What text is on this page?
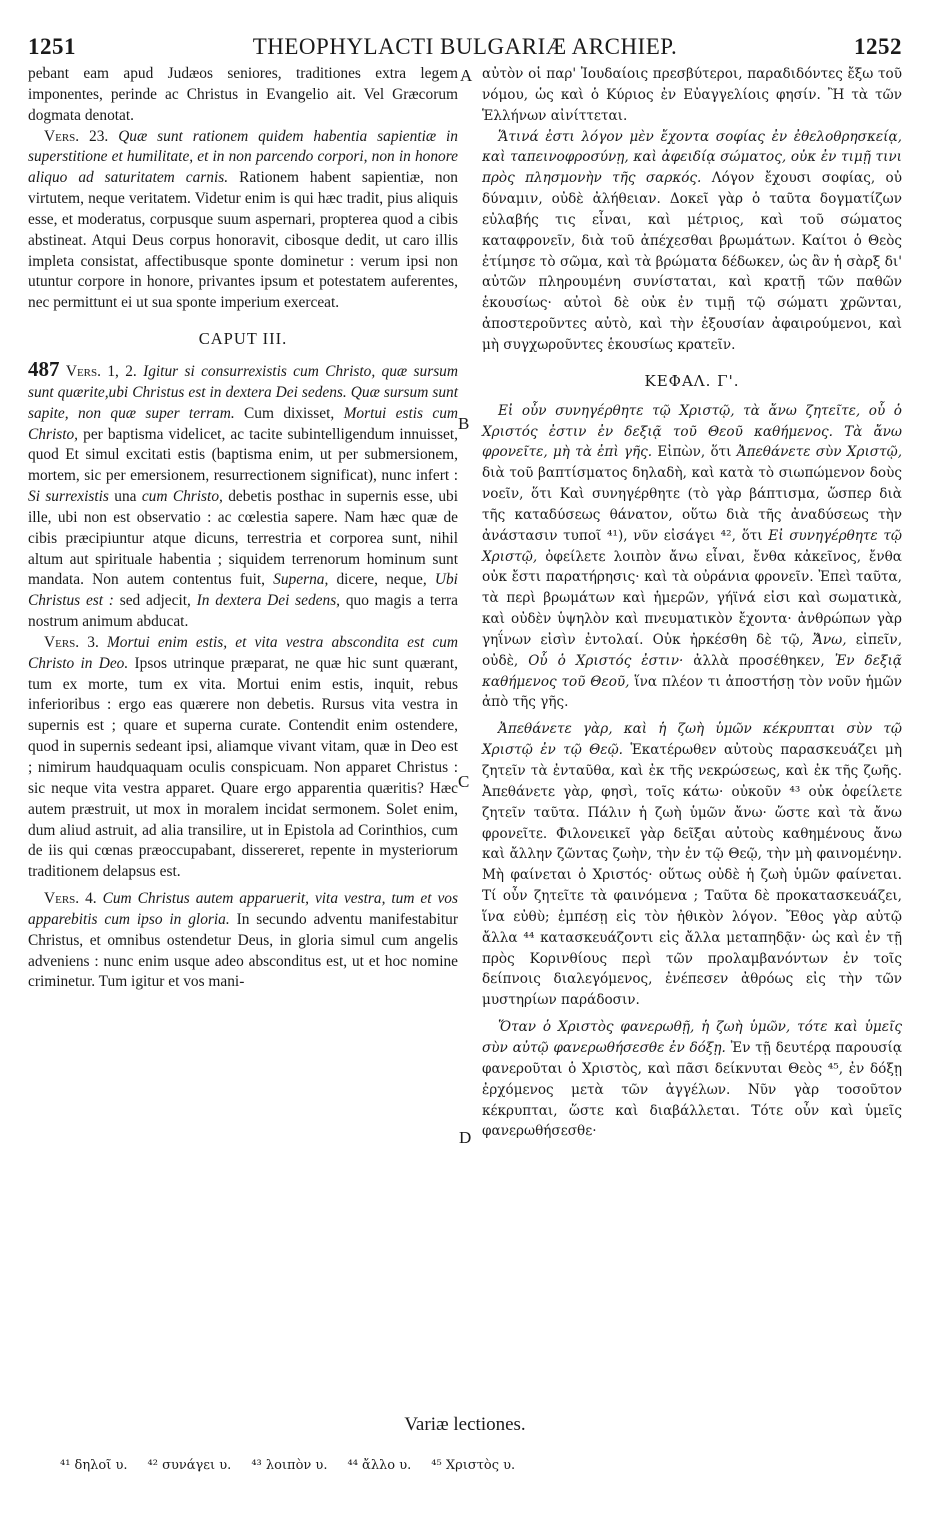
1251	THEOPHYLACTI BULGARIÆ ARCHIEP.	1252

pebant eam apud Judæos seniores, traditiones extra legem imponentes, perinde ac Christus in Evangelio ait. Vel Græcorum dogmata denotat.

Vers. 23. Quæ sunt rationem quidem habentia sapientiæ in superstitione et humilitate, et in non parcendo corpori, non in honore aliquo ad saturitatem carnis. Rationem habent sapientiæ, non virtutem, neque veritatem. Videtur enim is qui hæc tradit, pius aliquis esse, et moderatus, corpusque suum aspernari, propterea quod a cibis abstineat. Atqui Deus corpus honoravit, cibosque dedit, ut caro illis impleta consistat, affectibusque sponte dominetur : verum ipsi non utuntur corpore in honore, privantes ipsum et potestatem auferentes, nec permittunt ei ut sua sponte imperium exerceat.

CAPUT III.

487 Vers. 1, 2. Igitur si consurrexistis cum Christo, quæ sursum sunt quærite,ubi Christus est in dextera Dei sedens. Quæ sursum sunt sapite, non quæ super terram. Cum dixisset, Mortui estis cum Christo, per baptisma videlicet, ac tacite subintelligendum innuisset, quod Et simul excitati estis (baptisma enim, ut per submersionem, mortem, sic per emersionem, resurrectionem significat), nunc infert : Si surrexistis una cum Christo, debetis posthac in supernis esse, ubi ille, ubi non est observatio : ac cœlestia sapere. Nam hæc quæ de cibis præcipiuntur atque dicuns, terrestria et corporea sunt, nihil altum aut spirituale habentia ; siquidem terrenorum hominum sunt mandata. Non autem contentus fuit, Superna, dicere, neque, Ubi Christus est : sed adjecit, In dextera Dei sedens, quo magis a terra nostrum animum abducat.

Vers. 3. Mortui enim estis, et vita vestra abscondita est cum Christo in Deo. Ipsos utrinque præparat, ne quæ hic sunt quærant, tum ex morte, tum ex vita. Mortui enim estis, inquit, rebus inferioribus : ergo eas quærere non debetis. Rursus vita vestra in supernis est ; quare et superna curate. Contendit enim ostendere, quod in supernis sedeant ipsi, aliamque vivant vitam, quæ in Deo est ; nimirum haudquaquam oculis conspicuam. Non apparet Christus : sic neque vita vestra apparet. Quare ergo apparentia quæritis? Hæc autem præstruit, ut mox in moralem incidat sermonem. Solet enim, dum aliud astruit, ad alia transilire, ut in Epistola ad Corinthios, cum de iis qui cœnas præoccupabant, dissereret, repente in mysteriorum traditionem delapsus est.

Vers. 4. Cum Christus autem apparuerit, vita vestra, tum et vos apparebitis cum ipso in gloria. In secundo adventu manifestabitur Christus, et omnibus ostendetur Deus, in gloria simul cum angelis adveniens : nunc enim usque adeo absconditus est, ut et hoc nomine criminetur. Tum igitur et vos mani-

A
B
C
D

αὐτὸν οἱ παρ' Ἰουδαίοις πρεσβύτεροι, παραδιδόντες ἔξω τοῦ νόμου, ὡς καὶ ὁ Κύριος ἐν Εὐαγγελίοις φησίν. Ἢ τὰ τῶν Ἑλλήνων αἰνίττεται.

Ἅτινά ἐστι λόγον μὲν ἔχοντα σοφίας ἐν ἐθελοθρησκείᾳ, καὶ ταπεινοφροσύνῃ, καὶ ἀφειδίᾳ σώματος, οὐκ ἐν τιμῇ τινι πρὸς πλησμονὴν τῆς σαρκός. Λόγον ἔχουσι σοφίας, οὐ δύναμιν, οὐδὲ ἀλήθειαν. Δοκεῖ γὰρ ὁ ταῦτα δογματίζων εὐλαβής τις εἶναι, καὶ μέτριος, καὶ τοῦ σώματος καταφρονεῖν, διὰ τοῦ ἀπέχεσθαι βρωμάτων. Καίτοι ὁ Θεὸς ἐτίμησε τὸ σῶμα, καὶ τὰ βρώματα δέδωκεν, ὡς ἂν ἡ σὰρξ δι' αὐτῶν πληρουμένη συνίσταται, καὶ κρατῇ τῶν παθῶν ἑκουσίως· αὐτοὶ δὲ οὐκ ἐν τιμῇ τῷ σώματι χρῶνται, ἀποστεροῦντες αὐτὸ, καὶ τὴν ἐξουσίαν ἀφαιρούμενοι, καὶ μὴ συγχωροῦντες ἑκουσίως κρατεῖν.

ΚΕΦΑΛ. Γ'.

Εἰ οὖν συνηγέρθητε τῷ Χριστῷ, τὰ ἄνω ζητεῖτε, οὗ ὁ Χριστός ἐστιν ἐν δεξιᾷ τοῦ Θεοῦ καθήμενος. Τὰ ἄνω φρονεῖτε, μὴ τὰ ἐπὶ γῆς. Εἰπὼν, ὅτι Ἀπεθάνετε σὺν Χριστῷ, διὰ τοῦ βαπτίσματος δηλαδὴ, καὶ κατὰ τὸ σιωπώμενον δοὺς νοεῖν, ὅτι Καὶ συνηγέρθητε (τὸ γὰρ βάπτισμα, ὥσπερ διὰ τῆς καταδύσεως θάνατον, οὕτω διὰ τῆς ἀναδύσεως τὴν ἀνάστασιν τυποῖ ⁴¹), νῦν εἰσάγει ⁴², ὅτι Εἰ συνηγέρθητε τῷ Χριστῷ, ὀφείλετε λοιπὸν ἄνω εἶναι, ἔνθα κἀκεῖνος, ἔνθα οὐκ ἔστι παρατήρησις· καὶ τὰ οὐράνια φρονεῖν. Ἐπεὶ ταῦτα, τὰ περὶ βρωμάτων καὶ ἡμερῶν, γήϊνά εἰσι καὶ σωματικὰ, καὶ οὐδὲν ὑψηλὸν καὶ πνευματικὸν ἔχοντα· ἀνθρώπων γὰρ γηΐνων εἰσὶν ἐντολαί. Οὐκ ἠρκέσθη δὲ τῷ, Ἄνω, εἰπεῖν, οὐδὲ, Οὗ ὁ Χριστός ἐστιν· ἀλλὰ προσέθηκεν, Ἐν δεξιᾷ καθήμενος τοῦ Θεοῦ, ἵνα πλέον τι ἀποστήσῃ τὸν νοῦν ἡμῶν ἀπὸ τῆς γῆς.

Ἀπεθάνετε γὰρ, καὶ ἡ ζωὴ ὑμῶν κέκρυπται σὺν τῷ Χριστῷ ἐν τῷ Θεῷ. Ἑκατέρωθεν αὐτοὺς παρασκευάζει μὴ ζητεῖν τὰ ἐνταῦθα, καὶ ἐκ τῆς νεκρώσεως, καὶ ἐκ τῆς ζωῆς. Ἀπεθάνετε γὰρ, φησὶ, τοῖς κάτω· οὐκοῦν ⁴³ οὐκ ὀφείλετε ζητεῖν ταῦτα. Πάλιν ἡ ζωὴ ὑμῶν ἄνω· ὥστε καὶ τὰ ἄνω φρονεῖτε. Φιλονεικεῖ γὰρ δεῖξαι αὐτοὺς καθημένους ἄνω καὶ ἄλλην ζῶντας ζωὴν, τὴν ἐν τῷ Θεῷ, τὴν μὴ φαινομένην. Μὴ φαίνεται ὁ Χριστός· οὕτως οὐδὲ ἡ ζωὴ ὑμῶν φαίνεται. Τί οὖν ζητεῖτε τὰ φαινόμενα ; Ταῦτα δὲ προκατασκευάζει, ἵνα εὐθὺ; ἐμπέσῃ εἰς τὸν ἠθικὸν λόγον. Ἔθος γὰρ αὐτῷ ἄλλα ⁴⁴ κατασκευάζοντι εἰς ἄλλα μεταπηδᾷν· ὡς καὶ ἐν τῇ πρὸς Κορινθίους περὶ τῶν προλαμβανόντων ἐν τοῖς δείπνοις διαλεγόμενος, ἐνέπεσεν ἀθρόως εἰς τὴν τῶν μυστηρίων παράδοσιν.

Ὅταν ὁ Χριστὸς φανερωθῇ, ἡ ζωὴ ὑμῶν, τότε καὶ ὑμεῖς σὺν αὐτῷ φανερωθήσεσθε ἐν δόξῃ. Ἐν τῇ δευτέρᾳ παρουσίᾳ φανεροῦται ὁ Χριστὸς, καὶ πᾶσι δείκνυται Θεὸς ⁴⁵, ἐν δόξῃ ἐρχόμενος μετὰ τῶν ἀγγέλων. Νῦν γὰρ τοσοῦτον κέκρυπται, ὥστε καὶ διαβάλλεται. Τότε οὖν καὶ ὑμεῖς φανερωθήσεσθε·

Variæ lectiones.
⁴¹ δηλοῖ υ. ⁴² συνάγει υ. ⁴³ λοιπὸν υ. ⁴⁴ ἄλλο υ. ⁴⁵ Χριστὸς υ.
